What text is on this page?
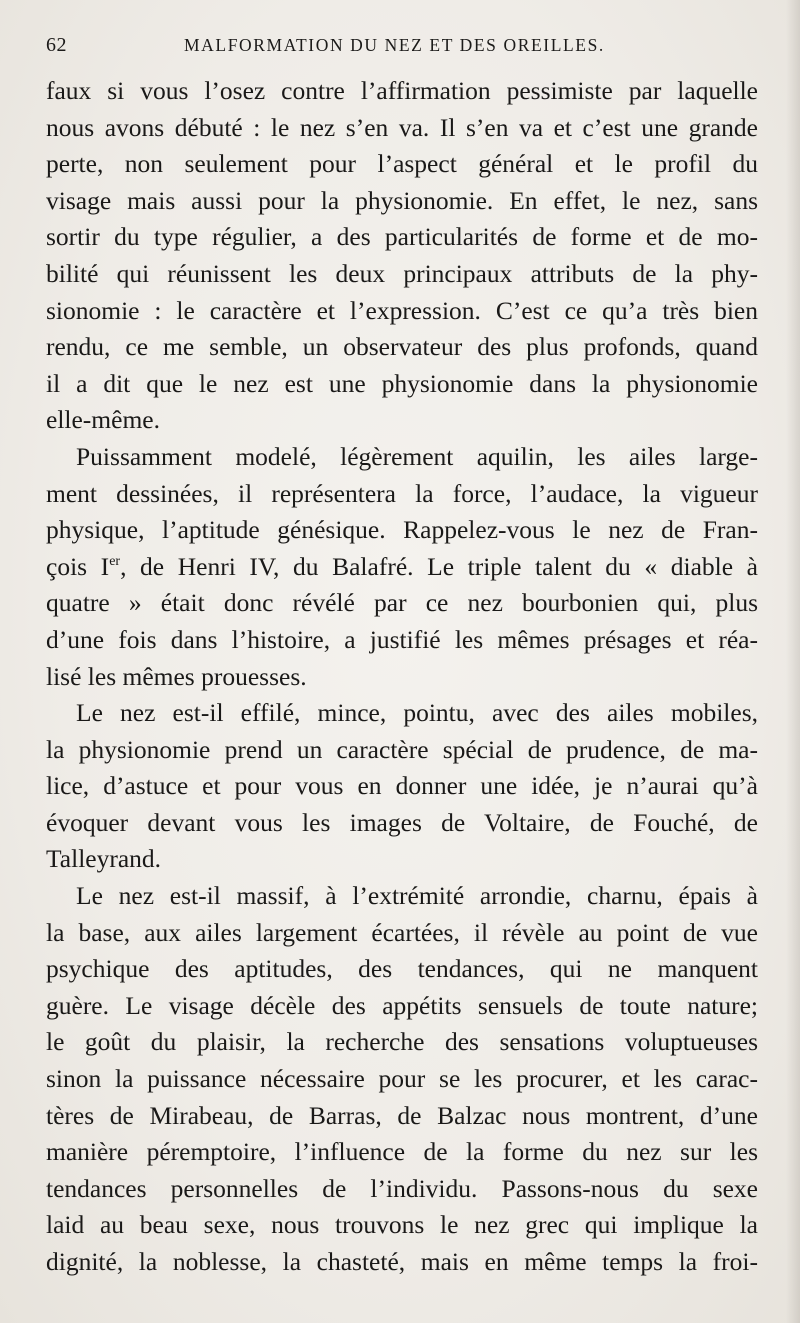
62	MALFORMATION DU NEZ ET DES OREILLES.
faux si vous l’osez contre l’affirmation pessimiste par laquelle
nous avons débuté : le nez s’en va. Il s’en va et c’est une grande
perte, non seulement pour l’aspect général et le profil du
visage mais aussi pour la physionomie. En effet, le nez, sans
sortir du type régulier, a des particularités de forme et de mo-
bilité qui réunissent les deux principaux attributs de la phy-
sionomie : le caractère et l’expression. C’est ce qu’a très bien
rendu, ce me semble, un observateur des plus profonds, quand
il a dit que le nez est une physionomie dans la physionomie
elle-même.
Puissamment modelé, légèrement aquilin, les ailes large-
ment dessinées, il représentera la force, l’audace, la vigueur
physique, l’aptitude génésique. Rappelez-vous le nez de Fran-
çois Ier, de Henri IV, du Balafré. Le triple talent du « diable à
quatre » était donc révélé par ce nez bourbonien qui, plus
d’une fois dans l’histoire, a justifié les mêmes présages et réa-
lisé les mêmes prouesses.
Le nez est-il effilé, mince, pointu, avec des ailes mobiles,
la physionomie prend un caractère spécial de prudence, de ma-
lice, d’astuce et pour vous en donner une idée, je n’aurai qu’à
évoquer devant vous les images de Voltaire, de Fouché, de
Talleyrand.
Le nez est-il massif, à l’extrémité arrondie, charnu, épais à
la base, aux ailes largement écartées, il révèle au point de vue
psychique des aptitudes, des tendances, qui ne manquent
guère. Le visage décèle des appétits sensuels de toute nature;
le goût du plaisir, la recherche des sensations voluptueuses
sinon la puissance nécessaire pour se les procurer, et les carac-
tères de Mirabeau, de Barras, de Balzac nous montrent, d’une
manière péremptoire, l’influence de la forme du nez sur les
tendances personnelles de l’individu. Passons-nous du sexe
laid au beau sexe, nous trouvons le nez grec qui implique la
dignité, la noblesse, la chasteté, mais en même temps la froi-
